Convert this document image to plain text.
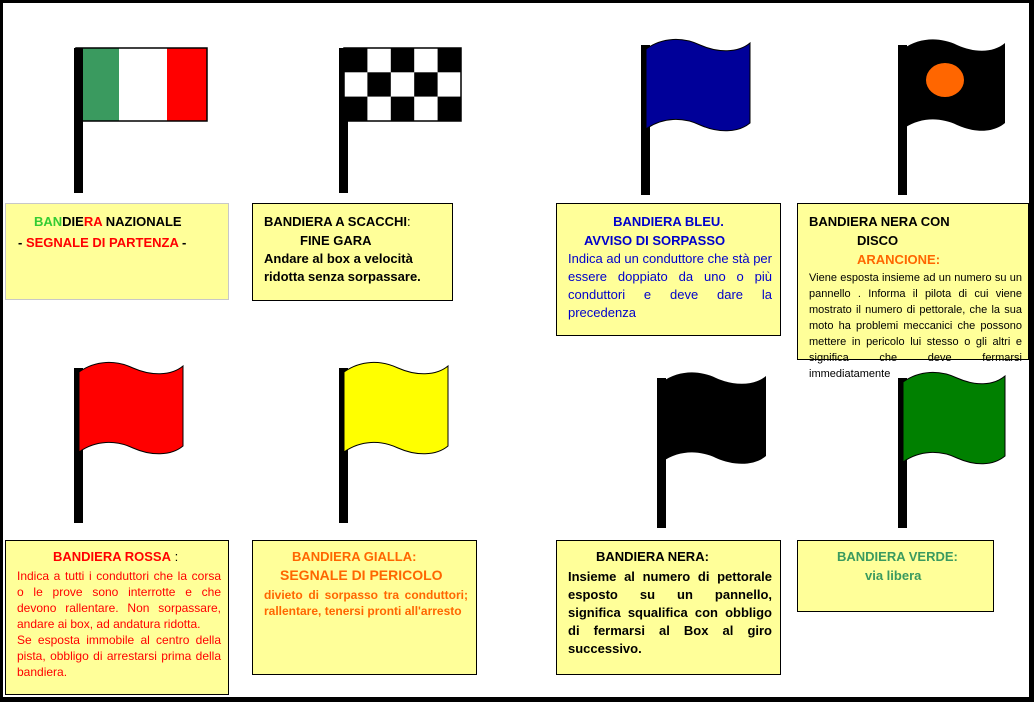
BANDIERA NAZIONALE
- SEGNALE DI PARTENZA -
BANDIERA A SCACCHI:
FINE GARA
Andare al box a velocità ridotta senza sorpassare.
BANDIERA BLEU.
AVVISO DI SORPASSO
Indica ad un conduttore che stà per essere doppiato da uno o più conduttori e deve dare la precedenza
BANDIERA NERA CON
DISCO
ARANCIONE:
Viene esposta insieme ad un numero su un pannello . Informa il pilota di cui viene mostrato il numero di pettorale, che la sua moto ha problemi meccanici che possono mettere in pericolo lui stesso o gli altri e significa che deve fermarsi immediatamente
BANDIERA ROSSA :
Indica a tutti i conduttori che la corsa o le prove sono interrotte e che devono rallentare. Non sorpassare, andare ai box, ad andatura ridotta.
Se esposta immobile al centro della pista, obbligo di arrestarsi prima della bandiera.
BANDIERA GIALLA:
SEGNALE DI PERICOLO
divieto di sorpasso tra conduttori; rallentare, tenersi pronti all'arresto
BANDIERA NERA:
Insieme al numero di pettorale esposto su un pannello, significa squalifica con obbligo di fermarsi al Box al giro successivo.
BANDIERA VERDE:
via libera
